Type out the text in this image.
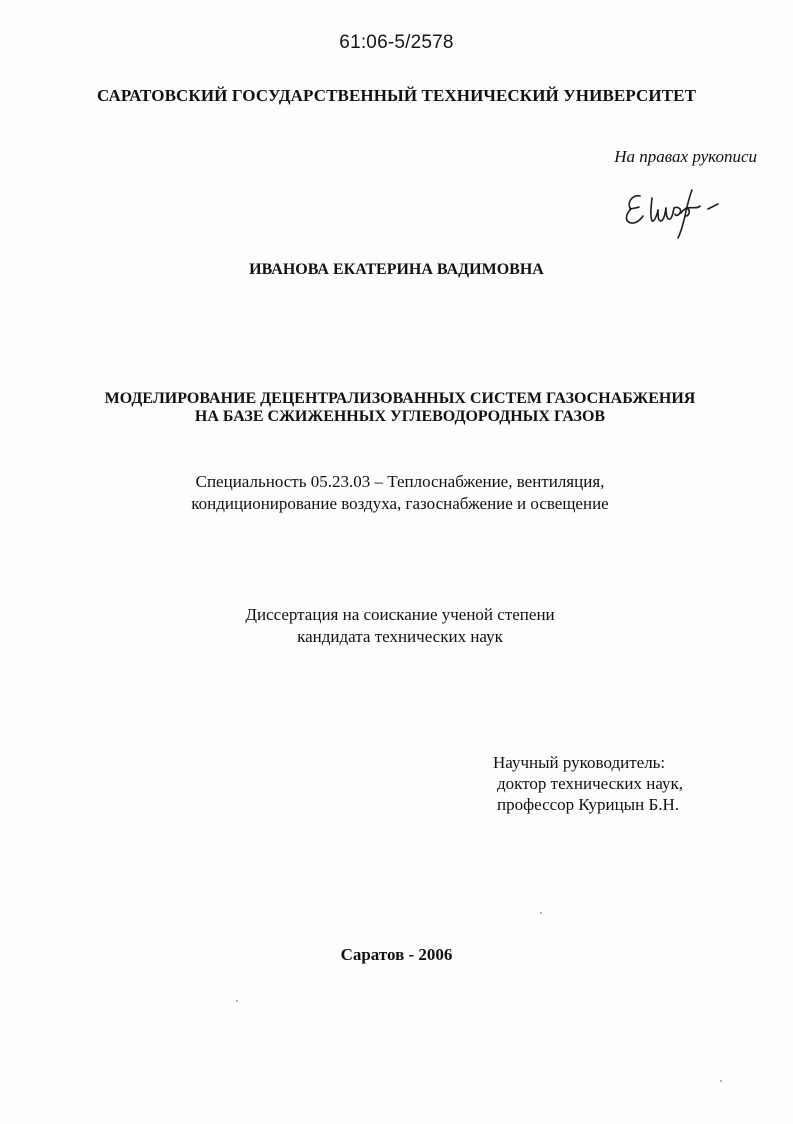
61:06-5/2578

САРАТОВСКИЙ ГОСУДАРСТВЕННЫЙ ТЕХНИЧЕСКИЙ УНИВЕРСИТЕТ

На правах рукописи

ИВАНОВА ЕКАТЕРИНА ВАДИМОВНА

МОДЕЛИРОВАНИЕ ДЕЦЕНТРАЛИЗОВАННЫХ СИСТЕМ ГАЗОСНАБЖЕНИЯ
НА БАЗЕ СЖИЖЕННЫХ УГЛЕВОДОРОДНЫХ ГАЗОВ

Специальность 05.23.03 – Теплоснабжение, вентиляция,
кондиционирование воздуха, газоснабжение и освещение

Диссертация на соискание ученой степени
кандидата технических наук

Научный руководитель:
доктор технических наук,
профессор Курицын Б.Н.

Саратов - 2006
